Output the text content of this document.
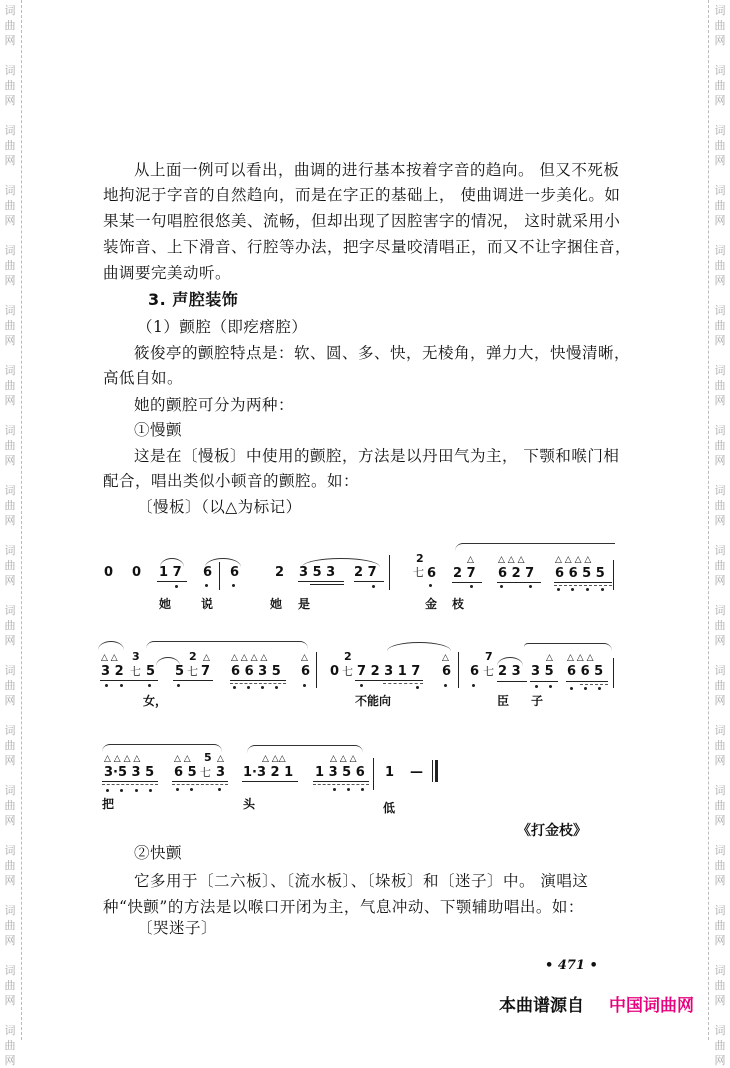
词
曲
网
词
曲
网
词
曲
网
词
曲
网
词
曲
网
词
曲
网
词
曲
网
词
曲
网
词
曲
网
词
曲
网
词
曲
网
词
曲
网
词
曲
网
词
曲
网
词
曲
网
词
曲
网
词
曲
网
词
曲
网
词
曲
网
词
曲
网
词
曲
网
词
曲
网
词
曲
网
词
曲
网
词
曲
网
词
曲
网
词
曲
网
词
曲
网
词
曲
网
词
曲
网
词
曲
网
词
曲
网
词
曲
网
词
曲
网
词
曲
网
词
曲
网
从上面一例可以看出，曲调的进行基本按着字音的趋向。 但又不死板
地拘泥于字音的自然趋向，而是在字正的基础上， 使曲调进一步美化。如
果某一句唱腔很悠美、流畅，但却出现了因腔害字的情况， 这时就采用小
装饰音、上下滑音、行腔等办法，把字尽量咬清唱正，而又不让字捆住音，
曲调要完美动听。
3. 声腔装饰
（1）颤腔（即疙瘩腔）
筱俊亭的颤腔特点是：软、圆、多、快，无棱角，弹力大，快慢清晰，
高低自如。
她的颤腔可分为两种：
①慢颤
这是在〔慢板〕中使用的颤腔，方法是以丹田气为主， 下颚和喉门相
配合，唱出类似小顿音的颤腔。如：
〔慢板〕（以△为标记）
0 0 1 7 6 6	2 3 5 3 2 7
2
七 6
△
2 7
△ △ △
6 2 7
△ △ △ △
6 6 5 5
她 说	她 是	金 枝
△ △ 3
3 2 七 5 5
2
七
△
7
△ △ △ △
6 6 3 5
△
6 0
2
七 7 2 3 1 7
△
6 6
7
七 2 3
△
3 5
△ △ △
6 6 5
女，	不能向	臣 子
△ △ △ △
3·5 3 5
△ △ 5 △
6 5 七 3
△ △△
1·3 2 1
△ △ △
1 3 5 6 1 —
把	头	低
《打金枝》
②快颤
它多用于〔二六板〕、〔流水板〕、〔垛板〕和〔迷子〕中。 演唱这
种“快颤”的方法是以喉口开闭为主，气息冲动、下颚辅助唱出。如：
〔哭迷子〕
• 471 •
本曲谱源自 中国词曲网
